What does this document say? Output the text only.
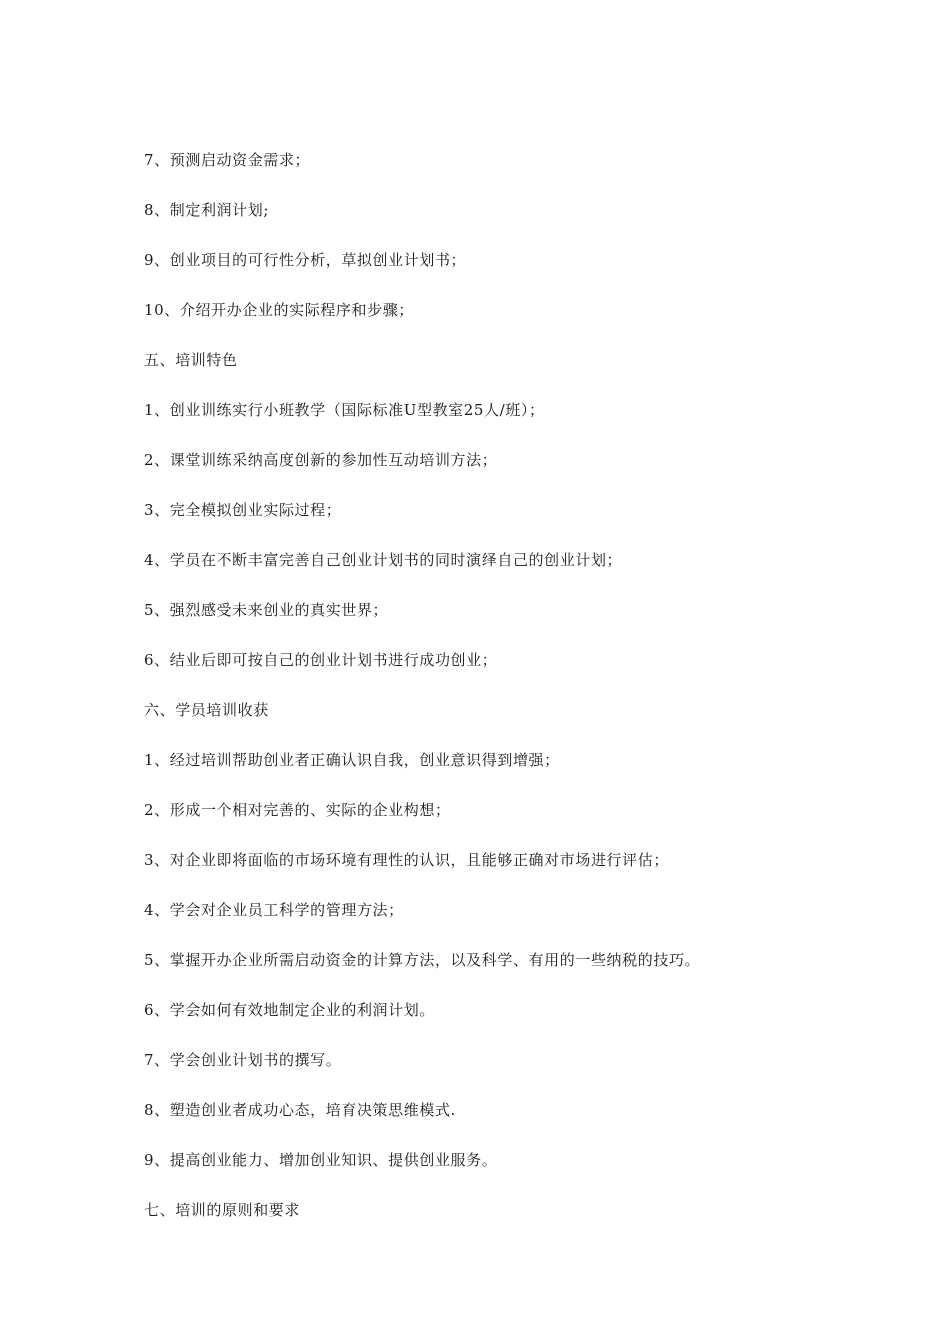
7、预测启动资金需求；
8、制定利润计划;
9、创业项目的可行性分析，草拟创业计划书；
10、介绍开办企业的实际程序和步骤；
五、培训特色
1、创业训练实行小班教学（国际标准U型教室25人/班）；
2、课堂训练采纳高度创新的参加性互动培训方法；
3、完全模拟创业实际过程；
4、学员在不断丰富完善自己创业计划书的同时演绎自己的创业计划；
5、强烈感受未来创业的真实世界；
6、结业后即可按自己的创业计划书进行成功创业；
六、学员培训收获
1、经过培训帮助创业者正确认识自我，创业意识得到增强；
2、形成一个相对完善的、实际的企业构想；
3、对企业即将面临的市场环境有理性的认识，且能够正确对市场进行评估；
4、学会对企业员工科学的管理方法；
5、掌握开办企业所需启动资金的计算方法，以及科学、有用的一些纳税的技巧。
6、学会如何有效地制定企业的利润计划。
7、学会创业计划书的撰写。
8、塑造创业者成功心态，培育决策思维模式.
9、提高创业能力、增加创业知识、提供创业服务。
七、培训的原则和要求
